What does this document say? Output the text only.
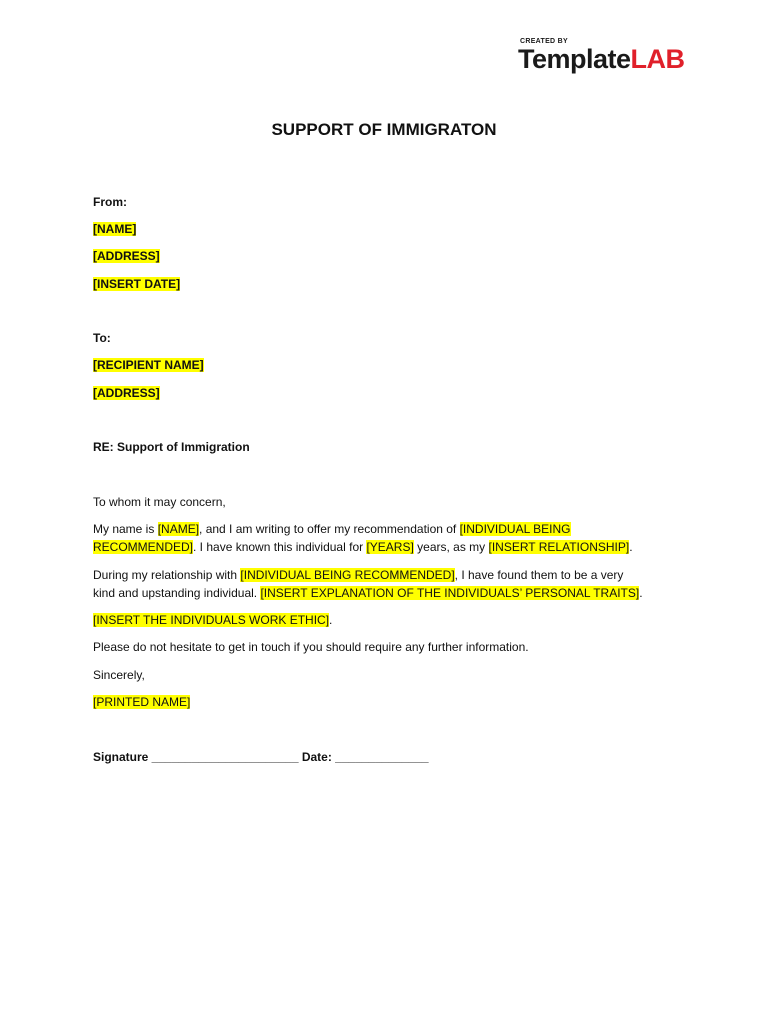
CREATED BY
TemplateLAB
SUPPORT OF IMMIGRATON
From:
[NAME]
[ADDRESS]
[INSERT DATE]
To:
[RECIPIENT NAME]
[ADDRESS]
RE: Support of Immigration
To whom it may concern,
My name is [NAME], and I am writing to offer my recommendation of [INDIVIDUAL BEING
RECOMMENDED]. I have known this individual for [YEARS] years, as my [INSERT RELATIONSHIP].
During my relationship with [INDIVIDUAL BEING RECOMMENDED], I have found them to be a very
kind and upstanding individual. [INSERT EXPLANATION OF THE INDIVIDUALS’ PERSONAL TRAITS].
[INSERT THE INDIVIDUALS WORK ETHIC].
Please do not hesitate to get in touch if you should require any further information.
Sincerely,
[PRINTED NAME]
Signature ______________________ Date: ______________
